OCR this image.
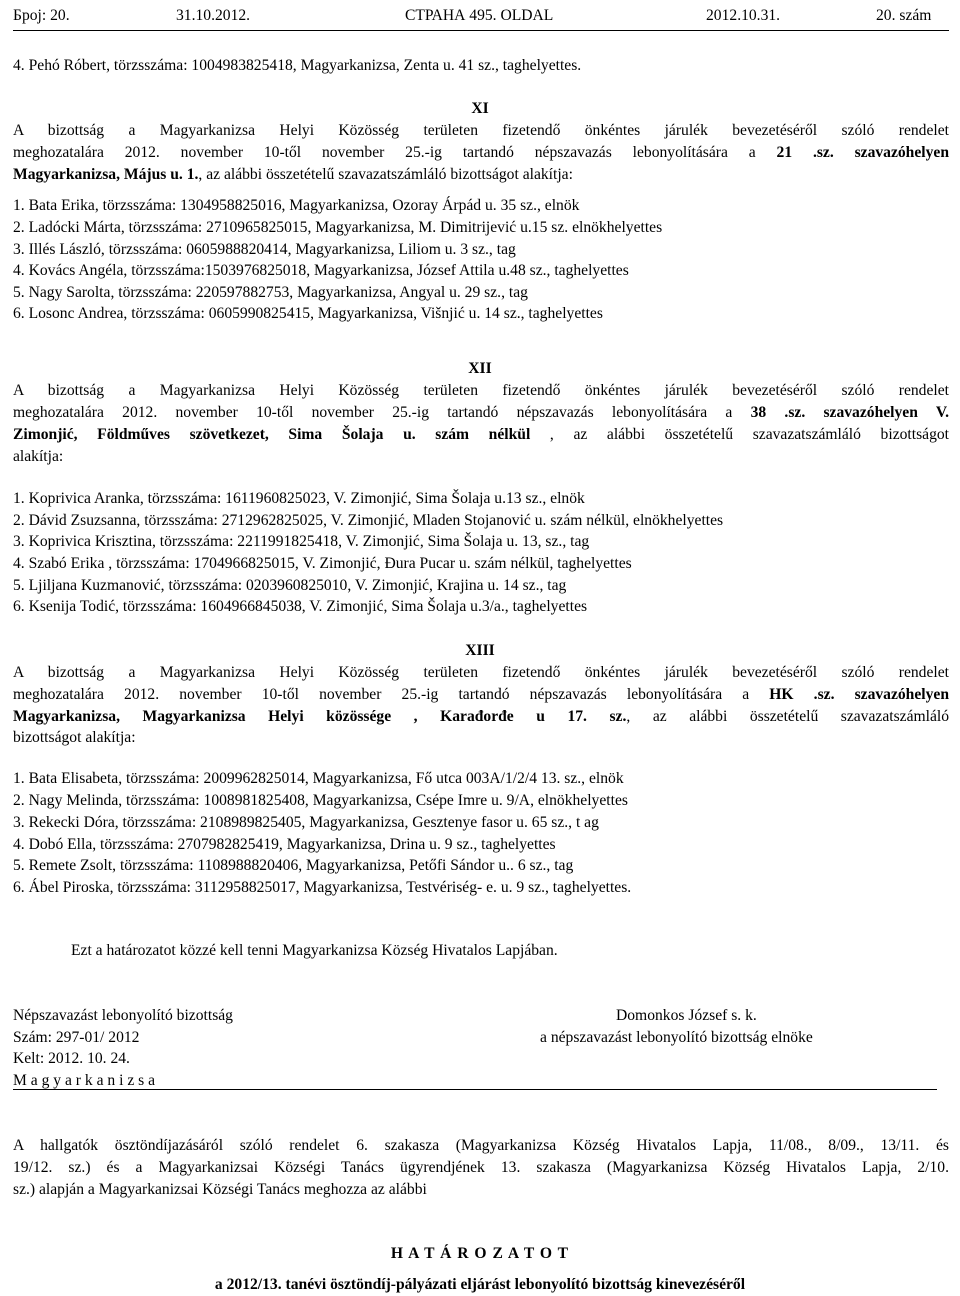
Број: 20.	31.10.2012.	СТРАНА 495. OLDAL	2012.10.31.	20. szám
4. Pehó Róbert, törzsszáma: 1004983825418, Magyarkanizsa, Zenta u. 41 sz., taghelyettes.
XI
A bizottság a Magyarkanizsa Helyi Közösség területen fizetendő önkéntes járulék bevezetéséről szóló rendelet
meghozatalára 2012. november 10-től november 25.-ig tartandó népszavazás lebonyolítására a 21 .sz. szavazóhelyen
Magyarkanizsa, Május u. 1., az alábbi összetételű szavazatszámláló bizottságot alakítja:
1. Bata Erika, törzsszáma: 1304958825016, Magyarkanizsa, Ozoray Árpád u. 35 sz., elnök
2. Ladócki Márta, törzsszáma: 2710965825015, Magyarkanizsa, M. Dimitrijević u.15 sz. elnökhelyettes
3. Illés László, törzsszáma: 0605988820414, Magyarkanizsa, Liliom u. 3 sz., tag
4. Kovács Angéla, törzsszáma:1503976825018, Magyarkanizsa, József Attila u.48 sz., taghelyettes
5. Nagy Sarolta, törzsszáma: 220597882753, Magyarkanizsa, Angyal u. 29 sz., tag
6. Losonc Andrea, törzsszáma: 0605990825415, Magyarkanizsa, Višnjić u. 14 sz., taghelyettes
XII
A bizottság a Magyarkanizsa Helyi Közösség területen fizetendő önkéntes járulék bevezetéséről szóló rendelet
meghozatalára 2012. november 10-től november 25.-ig tartandó népszavazás lebonyolítására a 38 .sz. szavazóhelyen V.
Zimonjić, Földműves szövetkezet, Sima Šolaja u. szám nélkül , az alábbi összetételű szavazatszámláló bizottságot
alakítja:
1. Koprivica Aranka, törzsszáma: 1611960825023, V. Zimonjić, Sima Šolaja u.13 sz., elnök
2. Dávid Zsuzsanna, törzsszáma: 2712962825025, V. Zimonjić, Mladen Stojanović u. szám nélkül, elnökhelyettes
3. Koprivica Krisztina, törzsszáma: 2211991825418, V. Zimonjić, Sima Šolaja u. 13, sz., tag
4. Szabó Erika , törzsszáma: 1704966825015, V. Zimonjić, Đura Pucar u. szám nélkül, taghelyettes
5. Ljiljana Kuzmanović, törzsszáma: 0203960825010, V. Zimonjić, Krajina u. 14 sz., tag
6. Ksenija Todić, törzsszáma: 1604966845038, V. Zimonjić, Sima Šolaja u.3/a., taghelyettes
XIII
A bizottság a Magyarkanizsa Helyi Közösség területen fizetendő önkéntes járulék bevezetéséről szóló rendelet
meghozatalára 2012. november 10-től november 25.-ig tartandó népszavazás lebonyolítására a HK .sz. szavazóhelyen
Magyarkanizsa, Magyarkanizsa Helyi közössége , Karađorđe u 17. sz., az alábbi összetételű szavazatszámláló
bizottságot alakítja:
1. Bata Elisabeta, törzsszáma: 2009962825014, Magyarkanizsa, Fő utca 003A/1/2/4 13. sz., elnök
2. Nagy Melinda, törzsszáma: 1008981825408, Magyarkanizsa, Csépe Imre u. 9/A, elnökhelyettes
3. Rekecki Dóra, törzsszáma: 2108989825405, Magyarkanizsa, Gesztenye fasor u. 65 sz., t ag
4. Dobó Ella, törzsszáma: 2707982825419, Magyarkanizsa, Drina u. 9 sz., taghelyettes
5. Remete Zsolt, törzsszáma: 1108988820406, Magyarkanizsa, Petőfi Sándor u.. 6 sz., tag
6. Ábel Piroska, törzsszáma: 3112958825017, Magyarkanizsa, Testvériség- e. u. 9 sz., taghelyettes.
Ezt a határozatot közzé kell tenni Magyarkanizsa Község Hivatalos Lapjában.
Népszavazást lebonyolító bizottság
Szám: 297-01/ 2012
Kelt: 2012. 10. 24.
M a g y a r k a n i z s a
Domonkos József s. k.
a népszavazást lebonyolító bizottság elnöke
A hallgatók ösztöndíjazásáról szóló rendelet 6. szakasza (Magyarkanizsa Község Hivatalos Lapja, 11/08., 8/09., 13/11. és
19/12. sz.) és a Magyarkanizsai Községi Tanács ügyrendjének 13. szakasza (Magyarkanizsa Község Hivatalos Lapja, 2/10.
sz.) alapján a Magyarkanizsai Községi Tanács meghozza az alábbi
H A T Á R O Z A T O T
a 2012/13. tanévi ösztöndíj-pályázati eljárást lebonyolító bizottság kinevezéséről
